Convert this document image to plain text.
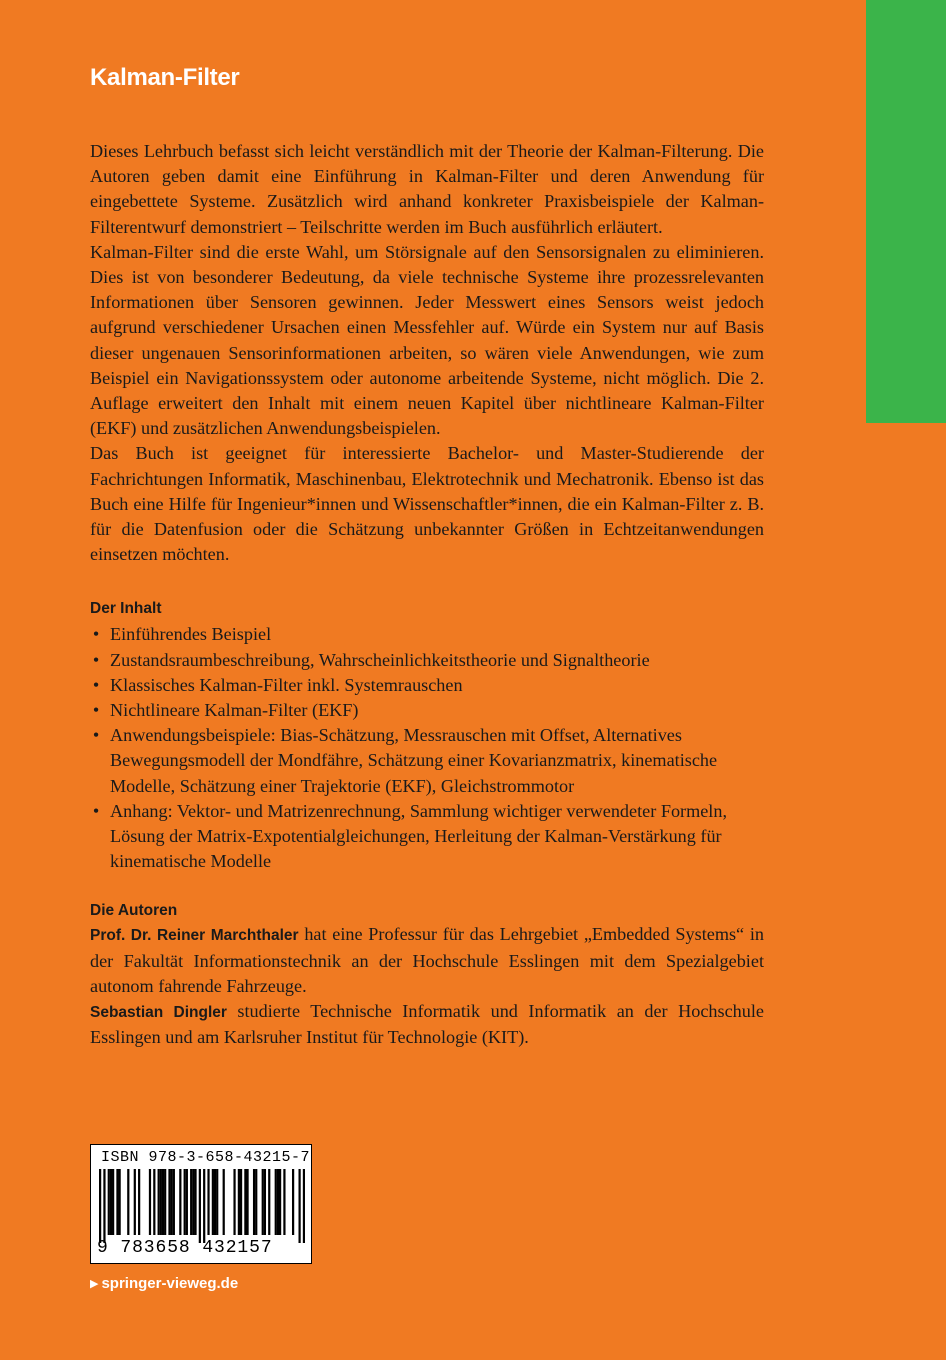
Kalman-Filter

Dieses Lehrbuch befasst sich leicht verständlich mit der Theorie der Kalman-Filterung. Die Autoren geben damit eine Einführung in Kalman-Filter und deren Anwendung für eingebettete Systeme. Zusätzlich wird anhand konkreter Praxisbeispiele der Kalman-Filterentwurf demonstriert – Teilschritte werden im Buch ausführlich erläutert.

Kalman-Filter sind die erste Wahl, um Störsignale auf den Sensorsignalen zu eliminieren. Dies ist von besonderer Bedeutung, da viele technische Systeme ihre prozessrelevanten Informationen über Sensoren gewinnen. Jeder Messwert eines Sensors weist jedoch aufgrund verschiedener Ursachen einen Messfehler auf. Würde ein System nur auf Basis dieser ungenauen Sensorinformationen arbeiten, so wären viele Anwendungen, wie zum Beispiel ein Navigationssystem oder autonome arbeitende Systeme, nicht möglich. Die 2. Auflage erweitert den Inhalt mit einem neuen Kapitel über nichtlineare Kalman-Filter (EKF) und zusätzlichen Anwendungsbeispielen.

Das Buch ist geeignet für interessierte Bachelor- und Master-Studierende der Fachrichtungen Informatik, Maschinenbau, Elektrotechnik und Mechatronik. Ebenso ist das Buch eine Hilfe für Ingenieur*innen und Wissenschaftler*innen, die ein Kalman-Filter z. B. für die Datenfusion oder die Schätzung unbekannter Größen in Echtzeitanwendungen einsetzen möchten.

Der Inhalt
• Einführendes Beispiel
• Zustandsraumbeschreibung, Wahrscheinlichkeitstheorie und Signaltheorie
• Klassisches Kalman-Filter inkl. Systemrauschen
• Nichtlineare Kalman-Filter (EKF)
• Anwendungsbeispiele: Bias-Schätzung, Messrauschen mit Offset, Alternatives Bewegungsmodell der Mondfähre, Schätzung einer Kovarianzmatrix, kinematische Modelle, Schätzung einer Trajektorie (EKF), Gleichstrommotor
• Anhang: Vektor- und Matrizenrechnung, Sammlung wichtiger verwendeter Formeln, Lösung der Matrix-Expotentialgleichungen, Herleitung der Kalman-Verstärkung für kinematische Modelle
Die Autoren

Prof. Dr. Reiner Marchthaler hat eine Professur für das Lehrgebiet „Embedded Systems“ in der Fakultät Informationstechnik an der Hochschule Esslingen mit dem Spezialgebiet autonom fahrende Fahrzeuge.

Sebastian Dingler studierte Technische Informatik und Informatik an der Hochschule Esslingen und am Karlsruher Institut für Technologie (KIT).

ISBN 978-3-658-43215-7
9 783658 432157
▶ springer-vieweg.de
